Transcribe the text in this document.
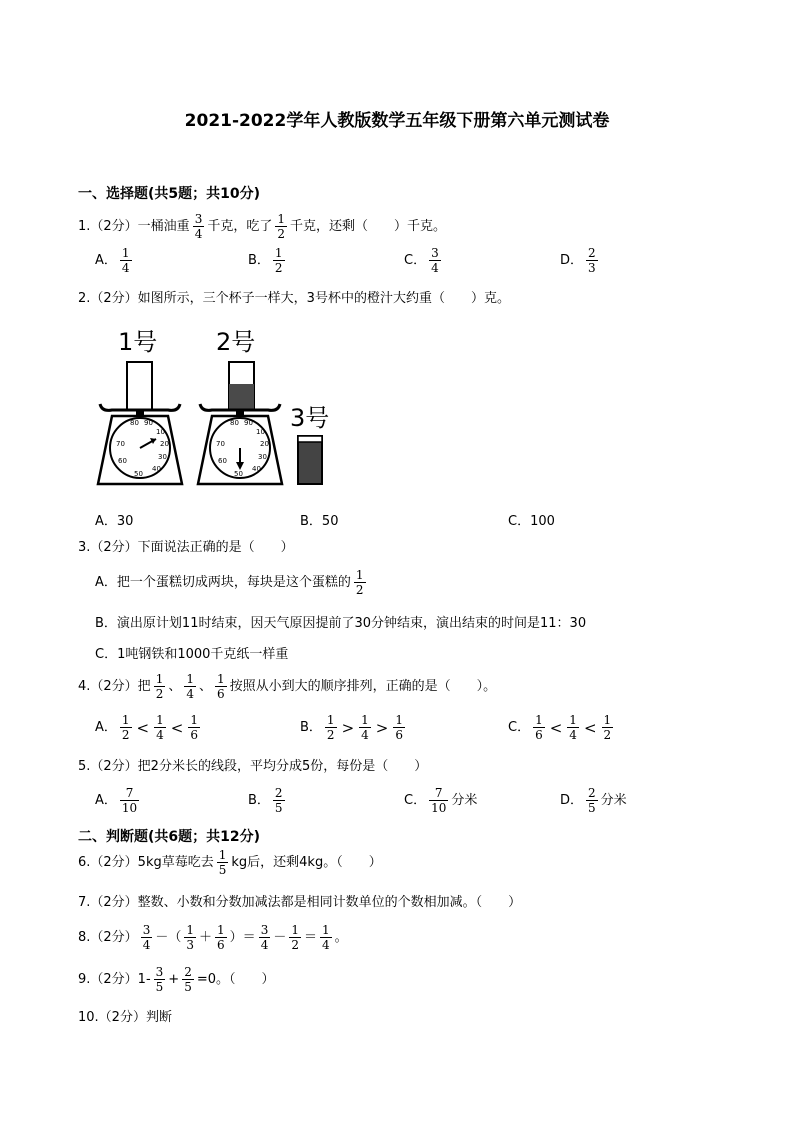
2021-2022学年人教版数学五年级下册第六单元测试卷
一、选择题(共5题；共10分)
1.（2分）一桶油重 $\frac{3}{4}$ 千克，吃了 $\frac{1}{2}$ 千克，还剩（　　）千克。
A． $\frac{1}{4}$	B． $\frac{1}{2}$	C． $\frac{3}{4}$	D． $\frac{2}{3}$
2.（2分）如图所示，三个杯子一样大，3号杯中的橙汁大约重（　　）克。
1号 2号
3号
80 90
10
20
30
40
50
60
70
80 90
10
20
30
40
50
60
70
A．30	B．50	C．100
3.（2分）下面说法正确的是（　　）
A．把一个蛋糕切成两块，每块是这个蛋糕的 $\frac{1}{2}$
B．演出原计划11时结束，因天气原因提前了30分钟结束，演出结束的时间是11：30
C．1吨钢铁和1000千克纸一样重
4.（2分）把 $\frac{1}{2}$ 、 $\frac{1}{4}$ 、 $\frac{1}{6}$ 按照从小到大的顺序排列，正确的是（　　）。
A． $\frac{1}{2} < \frac{1}{4} < \frac{1}{6}$	B． $\frac{1}{2} > \frac{1}{4} > \frac{1}{6}$	C． $\frac{1}{6} < \frac{1}{4} < \frac{1}{2}$
5.（2分）把2分米长的线段，平均分成5份，每份是（　　）
A． $\frac{7}{10}$	B． $\frac{2}{5}$	C． $\frac{7}{10}$ 分米	D． $\frac{2}{5}$ 分米
二、判断题(共6题；共12分)
6.（2分）5kg草莓吃去 $\frac{1}{5}$ kg后，还剩4kg。（　　）
7.（2分）整数、小数和分数加减法都是相同计数单位的个数相加减。（　　）
8.（2分） $\frac{3}{4}$ －（ $\frac{1}{3} + \frac{1}{6}$ ）＝ $\frac{3}{4} - \frac{1}{2} = \frac{1}{4}$ 。
9.（2分）$1- \frac{3}{5} + \frac{2}{5} =0$。（　　）
10.（2分）判断
